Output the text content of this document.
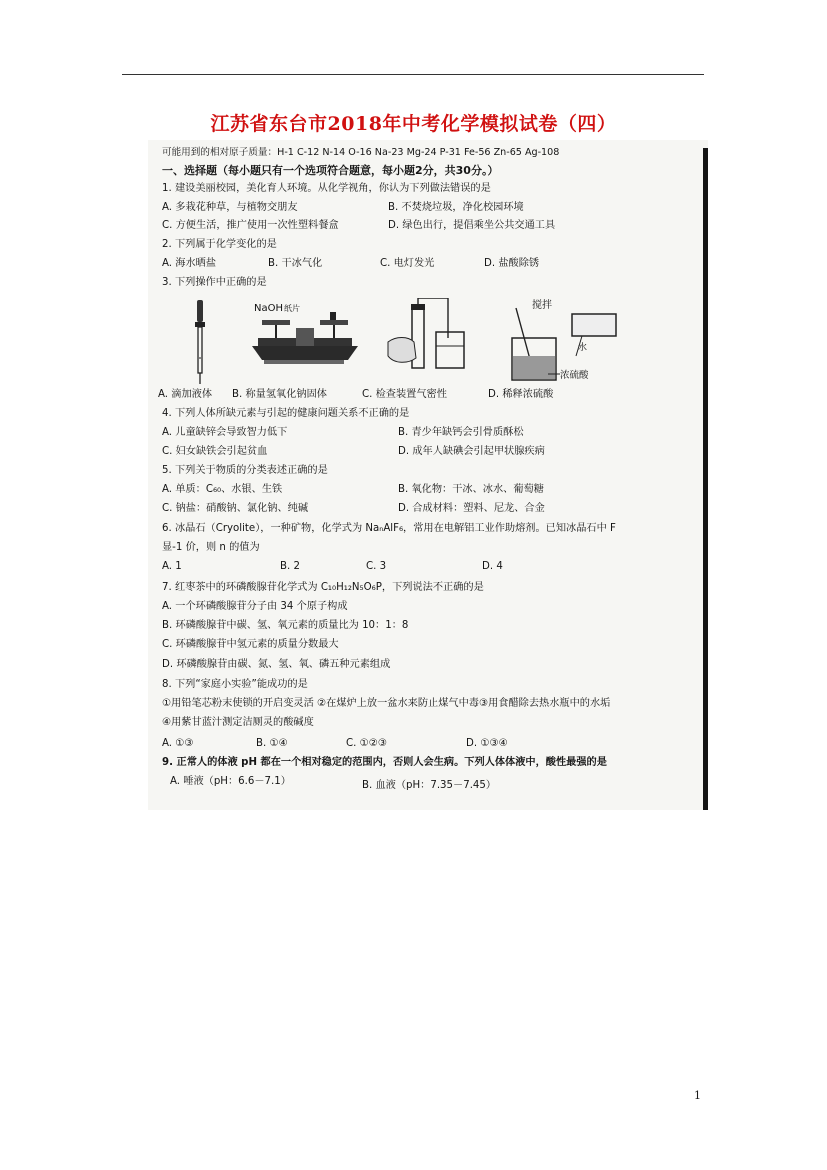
江苏省东台市2018年中考化学模拟试卷（四）
可能用到的相对原子质量：H-1 C-12 N-14 O-16 Na-23 Mg-24 P-31 Fe-56 Zn-65 Ag-108
一、选择题（每小题只有一个选项符合题意，每小题2分，共30分。）
1. 建设美丽校园，美化育人环境。从化学视角，你认为下列做法错误的是
A. 多栽花种草，与植物交朋友	B. 不焚烧垃圾，净化校园环境
C. 方便生活，推广使用一次性塑料餐盒	D. 绿色出行，提倡乘坐公共交通工具
2. 下列属于化学变化的是
A. 海水晒盐	B. 干冰气化	C. 电灯发光	D. 盐酸除锈
3. 下列操作中正确的是
NaOH 纸片	搅拌
水
浓硫酸
A. 滴加液体 B. 称量氢氧化钠固体	C. 检查装置气密性	D. 稀释浓硫酸
4. 下列人体所缺元素与引起的健康问题关系不正确的是
A. 儿童缺锌会导致智力低下	B. 青少年缺钙会引骨质酥松
C. 妇女缺铁会引起贫血	D. 成年人缺碘会引起甲状腺疾病
5. 下列关于物质的分类表述正确的是
A. 单质：C₆₀、水银、生铁	B. 氧化物：干冰、冰水、葡萄糖
C. 钠盐：硝酸钠、氯化钠、纯碱	D. 合成材料：塑料、尼龙、合金
6. 冰晶石（Cryolite），一种矿物，化学式为 NaₙAlF₆，常用在电解铝工业作助熔剂。已知冰晶石中 F
显-1 价，则 n 的值为
A. 1	B. 2	C. 3	D. 4
7. 红枣茶中的环磷酸腺苷化学式为 C₁₀H₁₂N₅O₆P，下列说法不正确的是
A. 一个环磷酸腺苷分子由 34 个原子构成
B. 环磷酸腺苷中碳、氢、氧元素的质量比为 10：1：8
C. 环磷酸腺苷中氢元素的质量分数最大
D. 环磷酸腺苷由碳、氮、氢、氧、磷五种元素组成
8. 下列“家庭小实验”能成功的是
①用铅笔芯粉末使锁的开启变灵活 ②在煤炉上放一盆水来防止煤气中毒③用食醋除去热水瓶中的水垢
④用紫甘蓝汁测定洁厕灵的酸碱度
A. ①③	B. ①④	C. ①②③	D. ①③④
9. 正常人的体液 pH 都在一个相对稳定的范围内，否则人会生病。下列人体体液中，酸性最强的是
A. 唾液（pH：6.6－7.1）	B. 血液（pH：7.35－7.45）
1
